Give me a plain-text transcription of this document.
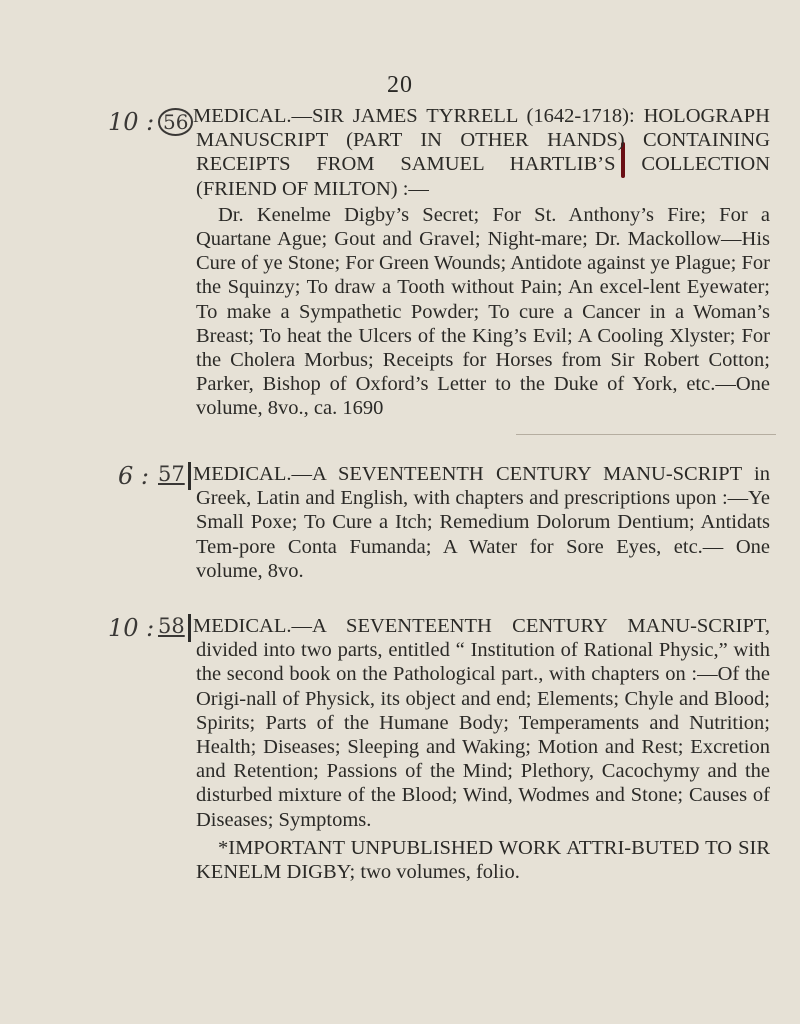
20
10 : 56 MEDICAL.—SIR JAMES TYRRELL (1642-1718): HOLOGRAPH MANUSCRIPT (PART IN OTHER HANDS) CONTAINING RECEIPTS FROM SAMUEL HARTLIB’S COLLECTION (FRIEND OF MILTON) :—

Dr. Kenelme Digby’s Secret; For St. Anthony’s Fire; For a Quartane Ague; Gout and Gravel; Night-mare; Dr. Mackollow—His Cure of ye Stone; For Green Wounds; Antidote against ye Plague; For the Squinzy; To draw a Tooth without Pain; An excel-lent Eyewater; To make a Sympathetic Powder; To cure a Cancer in a Woman’s Breast; To heat the Ulcers of the King’s Evil; A Cooling Xlyster; For the Cholera Morbus; Receipts for Horses from Sir Robert Cotton; Parker, Bishop of Oxford’s Letter to the Duke of York, etc.—One volume, 8vo., ca. 1690

6 : 57 MEDICAL.—A SEVENTEENTH CENTURY MANU-SCRIPT in Greek, Latin and English, with chapters and prescriptions upon :—Ye Small Poxe; To Cure a Itch; Remedium Dolorum Dentium; Antidats Tem-pore Conta Fumanda; A Water for Sore Eyes, etc.— One volume, 8vo.

10 : 58 MEDICAL.—A SEVENTEENTH CENTURY MANU-SCRIPT, divided into two parts, entitled “ Institution of Rational Physic,” with the second book on the Pathological part., with chapters on :—Of the Origi-nall of Physick, its object and end; Elements; Chyle and Blood; Spirits; Parts of the Humane Body; Temperaments and Nutrition; Health; Diseases; Sleeping and Waking; Motion and Rest; Excretion and Retention; Passions of the Mind; Plethory, Cacochymy and the disturbed mixture of the Blood; Wind, Wodmes and Stone; Causes of Diseases; Symptoms.

*IMPORTANT UNPUBLISHED WORK ATTRI-BUTED TO SIR KENELM DIGBY; two volumes, folio.
